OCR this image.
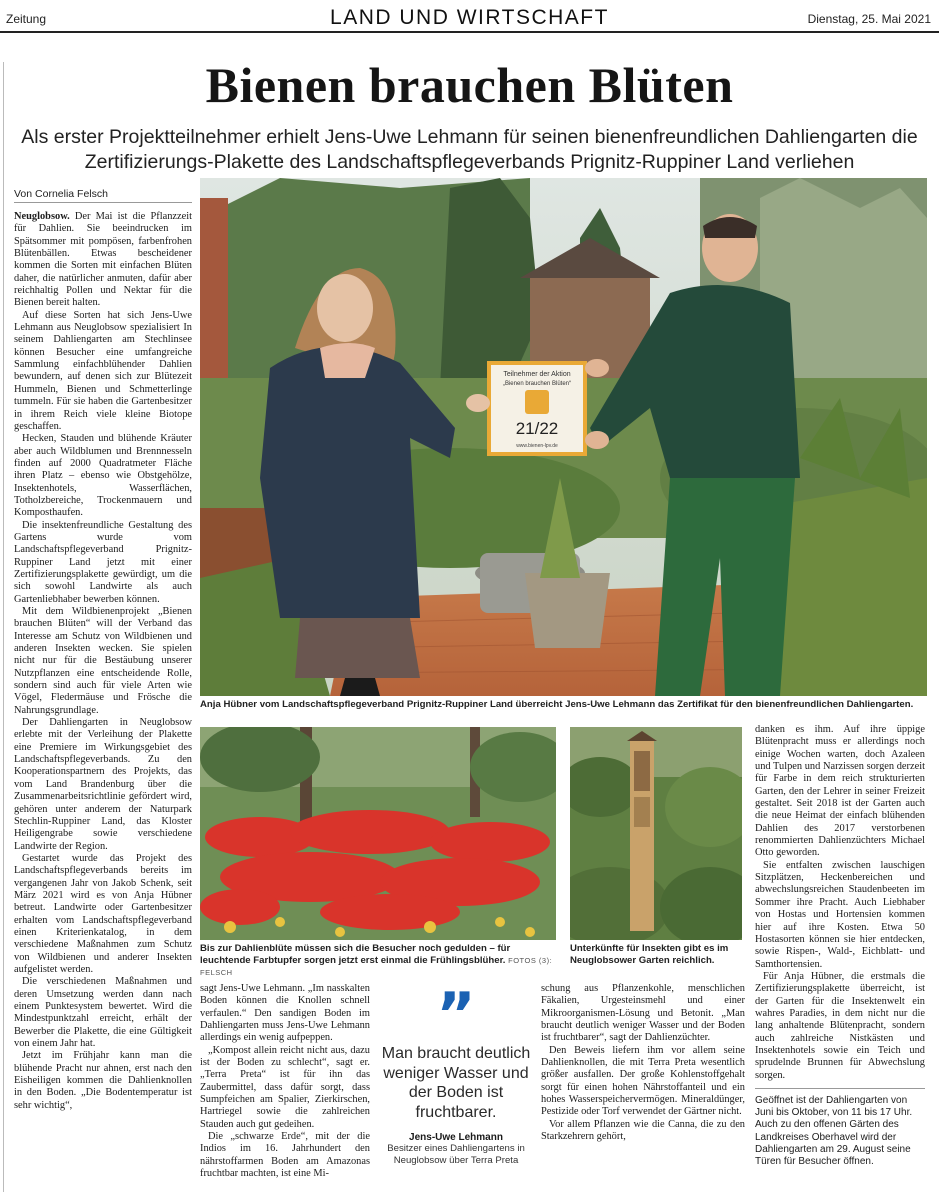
Zeitung	LAND UND WIRTSCHAFT	Dienstag, 25. Mai 2021
Bienen brauchen Blüten
Als erster Projektteilnehmer erhielt Jens-Uwe Lehmann für seinen bienenfreundlichen Dahliengarten die Zertifizierungs-Plakette des Landschaftspflegeverbands Prignitz-Ruppiner Land verliehen
Von Cornelia Felsch

Neuglobsow. Der Mai ist die Pflanzzeit für Dahlien. Sie beeindrucken im Spätsommer mit pompösen, farbenfrohen Blütenbällen. Etwas bescheidener kommen die Sorten mit einfachen Blüten daher, die natürlicher anmuten, dafür aber reichhaltig Pollen und Nektar für die Bienen bereit halten.

Auf diese Sorten hat sich Jens-Uwe Lehmann aus Neuglobsow spezialisiert In seinem Dahliengarten am Stechlinsee können Besucher eine umfangreiche Sammlung einfachblühender Dahlien bewundern, auf denen sich zur Blütezeit Hummeln, Bienen und Schmetterlinge tummeln. Für sie haben die Gartenbesitzer in ihrem Reich viele kleine Biotope geschaffen.

Hecken, Stauden und blühende Kräuter aber auch Wildblumen und Brennnesseln finden auf 2000 Quadratmeter Fläche ihren Platz – ebenso wie Obstgehölze, Insektenhotels, Wasserflächen, Totholzbereiche, Trockenmauern und Komposthaufen.

Die insektenfreundliche Gestaltung des Gartens wurde vom Landschaftspflegeverband Prignitz-Ruppiner Land jetzt mit einer Zertifizierungsplakette gewürdigt, um die sich sowohl Landwirte als auch Gartenliebhaber bewerben können.

Mit dem Wildbienenprojekt „Bienen brauchen Blüten“ will der Verband das Interesse am Schutz von Wildbienen und anderen Insekten wecken. Sie spielen nicht nur für die Bestäubung unserer Nutzpflanzen eine entscheidende Rolle, sondern sind auch für viele Arten wie Vögel, Fledermäuse und Frösche die Nahrungsgrundlage.

Der Dahliengarten in Neuglobsow erlebte mit der Verleihung der Plakette eine Premiere im Wirkungsgebiet des Landschaftspflegeverbands. Zu den Kooperationspartnern des Projekts, das vom Land Brandenburg über die Zusammenarbeitsrichtlinie gefördert wird, gehören unter anderem der Naturpark Stechlin-Ruppiner Land, das Kloster Heiligengrabe sowie verschiedene Landwirte der Region.

Gestartet wurde das Projekt des Landschaftspflegeverbands bereits im vergangenen Jahr von Jakob Schenk, seit März 2021 wird es von Anja Hübner betreut. Landwirte oder Gartenbesitzer erhalten vom Landschaftspflegeverband einen Kriterienkatalog, in dem verschiedene Maßnahmen zum Schutz von Wildbienen und anderer Insekten aufgelistet werden.

Die verschiedenen Maßnahmen und deren Umsetzung werden dann nach einem Punktesystem bewertet. Wird die Mindestpunktzahl erreicht, erhält der Bewerber die Plakette, die eine Gültigkeit von einem Jahr hat.

Jetzt im Frühjahr kann man die blühende Pracht nur ahnen, erst nach den Eisheiligen kommen die Dahlienknollen in den Boden. „Die Bodentemperatur ist sehr wichtig“,

Teilnehmer der Aktion
„Bienen brauchen Blüten“
21/22
www.bienen-lpv.de
Anja Hübner vom Landschaftspflegeverband Prignitz-Ruppiner Land überreicht Jens-Uwe Lehmann das Zertifikat für den bienenfreundlichen Dahliengarten.
Bis zur Dahlienblüte müssen sich die Besucher noch gedulden – für leuchtende Farbtupfer sorgen jetzt erst einmal die Frühlingsblüher. FOTOS (3): FELSCH
Unterkünfte für Insekten gibt es im Neuglobsower Garten reichlich.

sagt Jens-Uwe Lehmann. „Im nasskalten Boden können die Knollen schnell verfaulen.“ Den sandigen Boden im Dahliengarten muss Jens-Uwe Lehmann allerdings ein wenig aufpeppen.

„Kompost allein reicht nicht aus, dazu ist der Boden zu schlecht“, sagt er. „Terra Preta“ ist für ihn das Zaubermittel, dass dafür sorgt, dass Sumpfeichen am Spalier, Zierkirschen, Hartriegel sowie die zahlreichen Stauden auch gut gedeihen.

Die „schwarze Erde“, mit der die Indios im 16. Jahrhundert den nährstoffarmen Boden am Amazonas fruchtbar machten, ist eine Mi-

”
Man braucht deutlich weniger Wasser und der Boden ist fruchtbarer.
Jens-Uwe Lehmann
Besitzer eines Dahliengartens in Neuglobsow über Terra Preta

schung aus Pflanzenkohle, menschlichen Fäkalien, Urgesteinsmehl und einer Mikroorganismen-Lösung und Betonit. „Man braucht deutlich weniger Wasser und der Boden ist fruchtbarer“, sagt der Dahlienzüchter.

Den Beweis liefern ihm vor allem seine Dahlienknollen, die mit Terra Preta wesentlich größer ausfallen. Der große Kohlenstoffgehalt sorgt für einen hohen Nährstoffanteil und ein hohes Wasserspeichervermögen. Mineraldünger, Pestizide oder Torf verwendet der Gärtner nicht.

Vor allem Pflanzen wie die Canna, die zu den Starkzehrern gehört,

danken es ihm. Auf ihre üppige Blütenpracht muss er allerdings noch einige Wochen warten, doch Azaleen und Tulpen und Narzissen sorgen derzeit für Farbe in dem reich strukturierten Garten, den der Lehrer in seiner Freizeit gestaltet. Seit 2018 ist der Garten auch die neue Heimat der einfach blühenden Dahlien des 2017 verstorbenen renommierten Dahlienzüchters Michael Otto geworden.

Sie entfalten zwischen lauschigen Sitzplätzen, Heckenbereichen und abwechslungsreichen Staudenbeeten im Sommer ihre Pracht. Auch Liebhaber von Hostas und Hortensien kommen hier auf ihre Kosten. Etwa 50 Hostasorten können sie hier entdecken, sowie Rispen-, Wald-, Eichblatt- und Samthortensien.

Für Anja Hübner, die erstmals die Zertifizierungsplakette überreicht, ist der Garten für die Insektenwelt ein wahres Paradies, in dem nicht nur die lang anhaltende Blütenpracht, sondern auch zahlreiche Nistkästen und Insektenhotels sowie ein Teich und sprudelnde Brunnen für Abwechslung sorgen.

Geöffnet ist der Dahliengarten von Juni bis Oktober, von 11 bis 17 Uhr. Auch zu den offenen Gärten des Landkreises Oberhavel wird der Dahliengarten am 29. August seine Türen für Besucher öffnen.
